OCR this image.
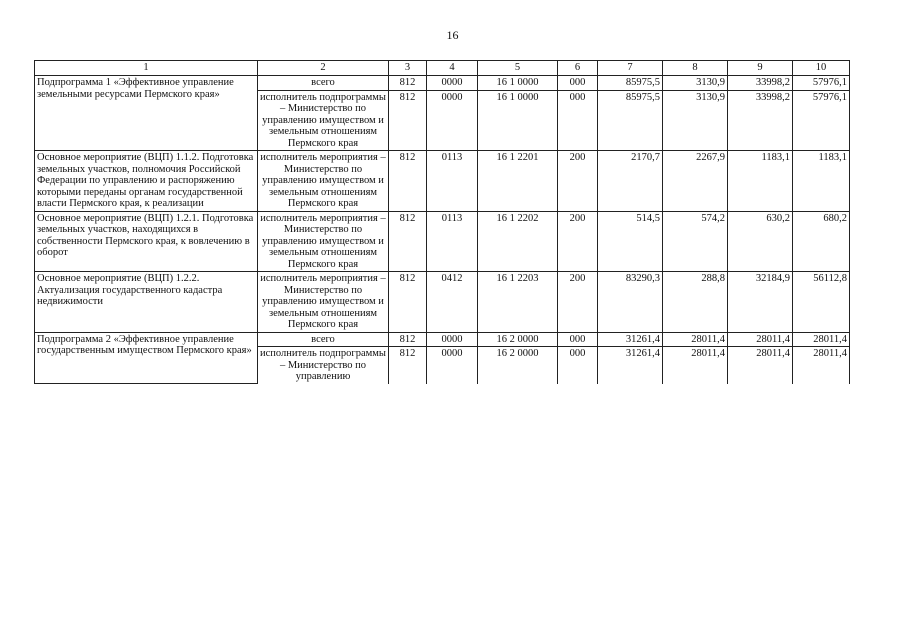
16
1	2	3	4	5	6	7	8	9	10
Подпрограмма 1 «Эффективное управление земельными ресурсами Пермского края»	всего	812	0000	16 1 0000	000	85975,5	3130,9	33998,2	57976,1
	исполнитель подпрограммы – Министерство по управлению имуществом и земельным отношениям Пермского края	812	0000	16 1 0000	000	85975,5	3130,9	33998,2	57976,1
Основное мероприятие (ВЦП) 1.1.2. Подготовка земельных участков, полномочия Российской Федерации по управлению и распоряжению которыми переданы органам государственной власти Пермского края, к реализации	исполнитель мероприятия – Министерство по управлению имуществом и земельным отношениям Пермского края	812	0113	16 1 2201	200	2170,7	2267,9	1183,1	1183,1
Основное мероприятие (ВЦП) 1.2.1. Подготовка земельных участков, находящихся в собственности Пермского края, к вовлечению в оборот	исполнитель мероприятия – Министерство по управлению имуществом и земельным отношениям Пермского края	812	0113	16 1 2202	200	514,5	574,2	630,2	680,2
Основное мероприятие (ВЦП) 1.2.2. Актуализация государственного кадастра недвижимости	исполнитель мероприятия – Министерство по управлению имуществом и земельным отношениям Пермского края	812	0412	16 1 2203	200	83290,3	288,8	32184,9	56112,8
Подпрограмма 2 «Эффективное управление государственным имуществом Пермского края»	всего	812	0000	16 2 0000	000	31261,4	28011,4	28011,4	28011,4
	исполнитель подпрограммы – Министерство по управлению	812	0000	16 2 0000	000	31261,4	28011,4	28011,4	28011,4
